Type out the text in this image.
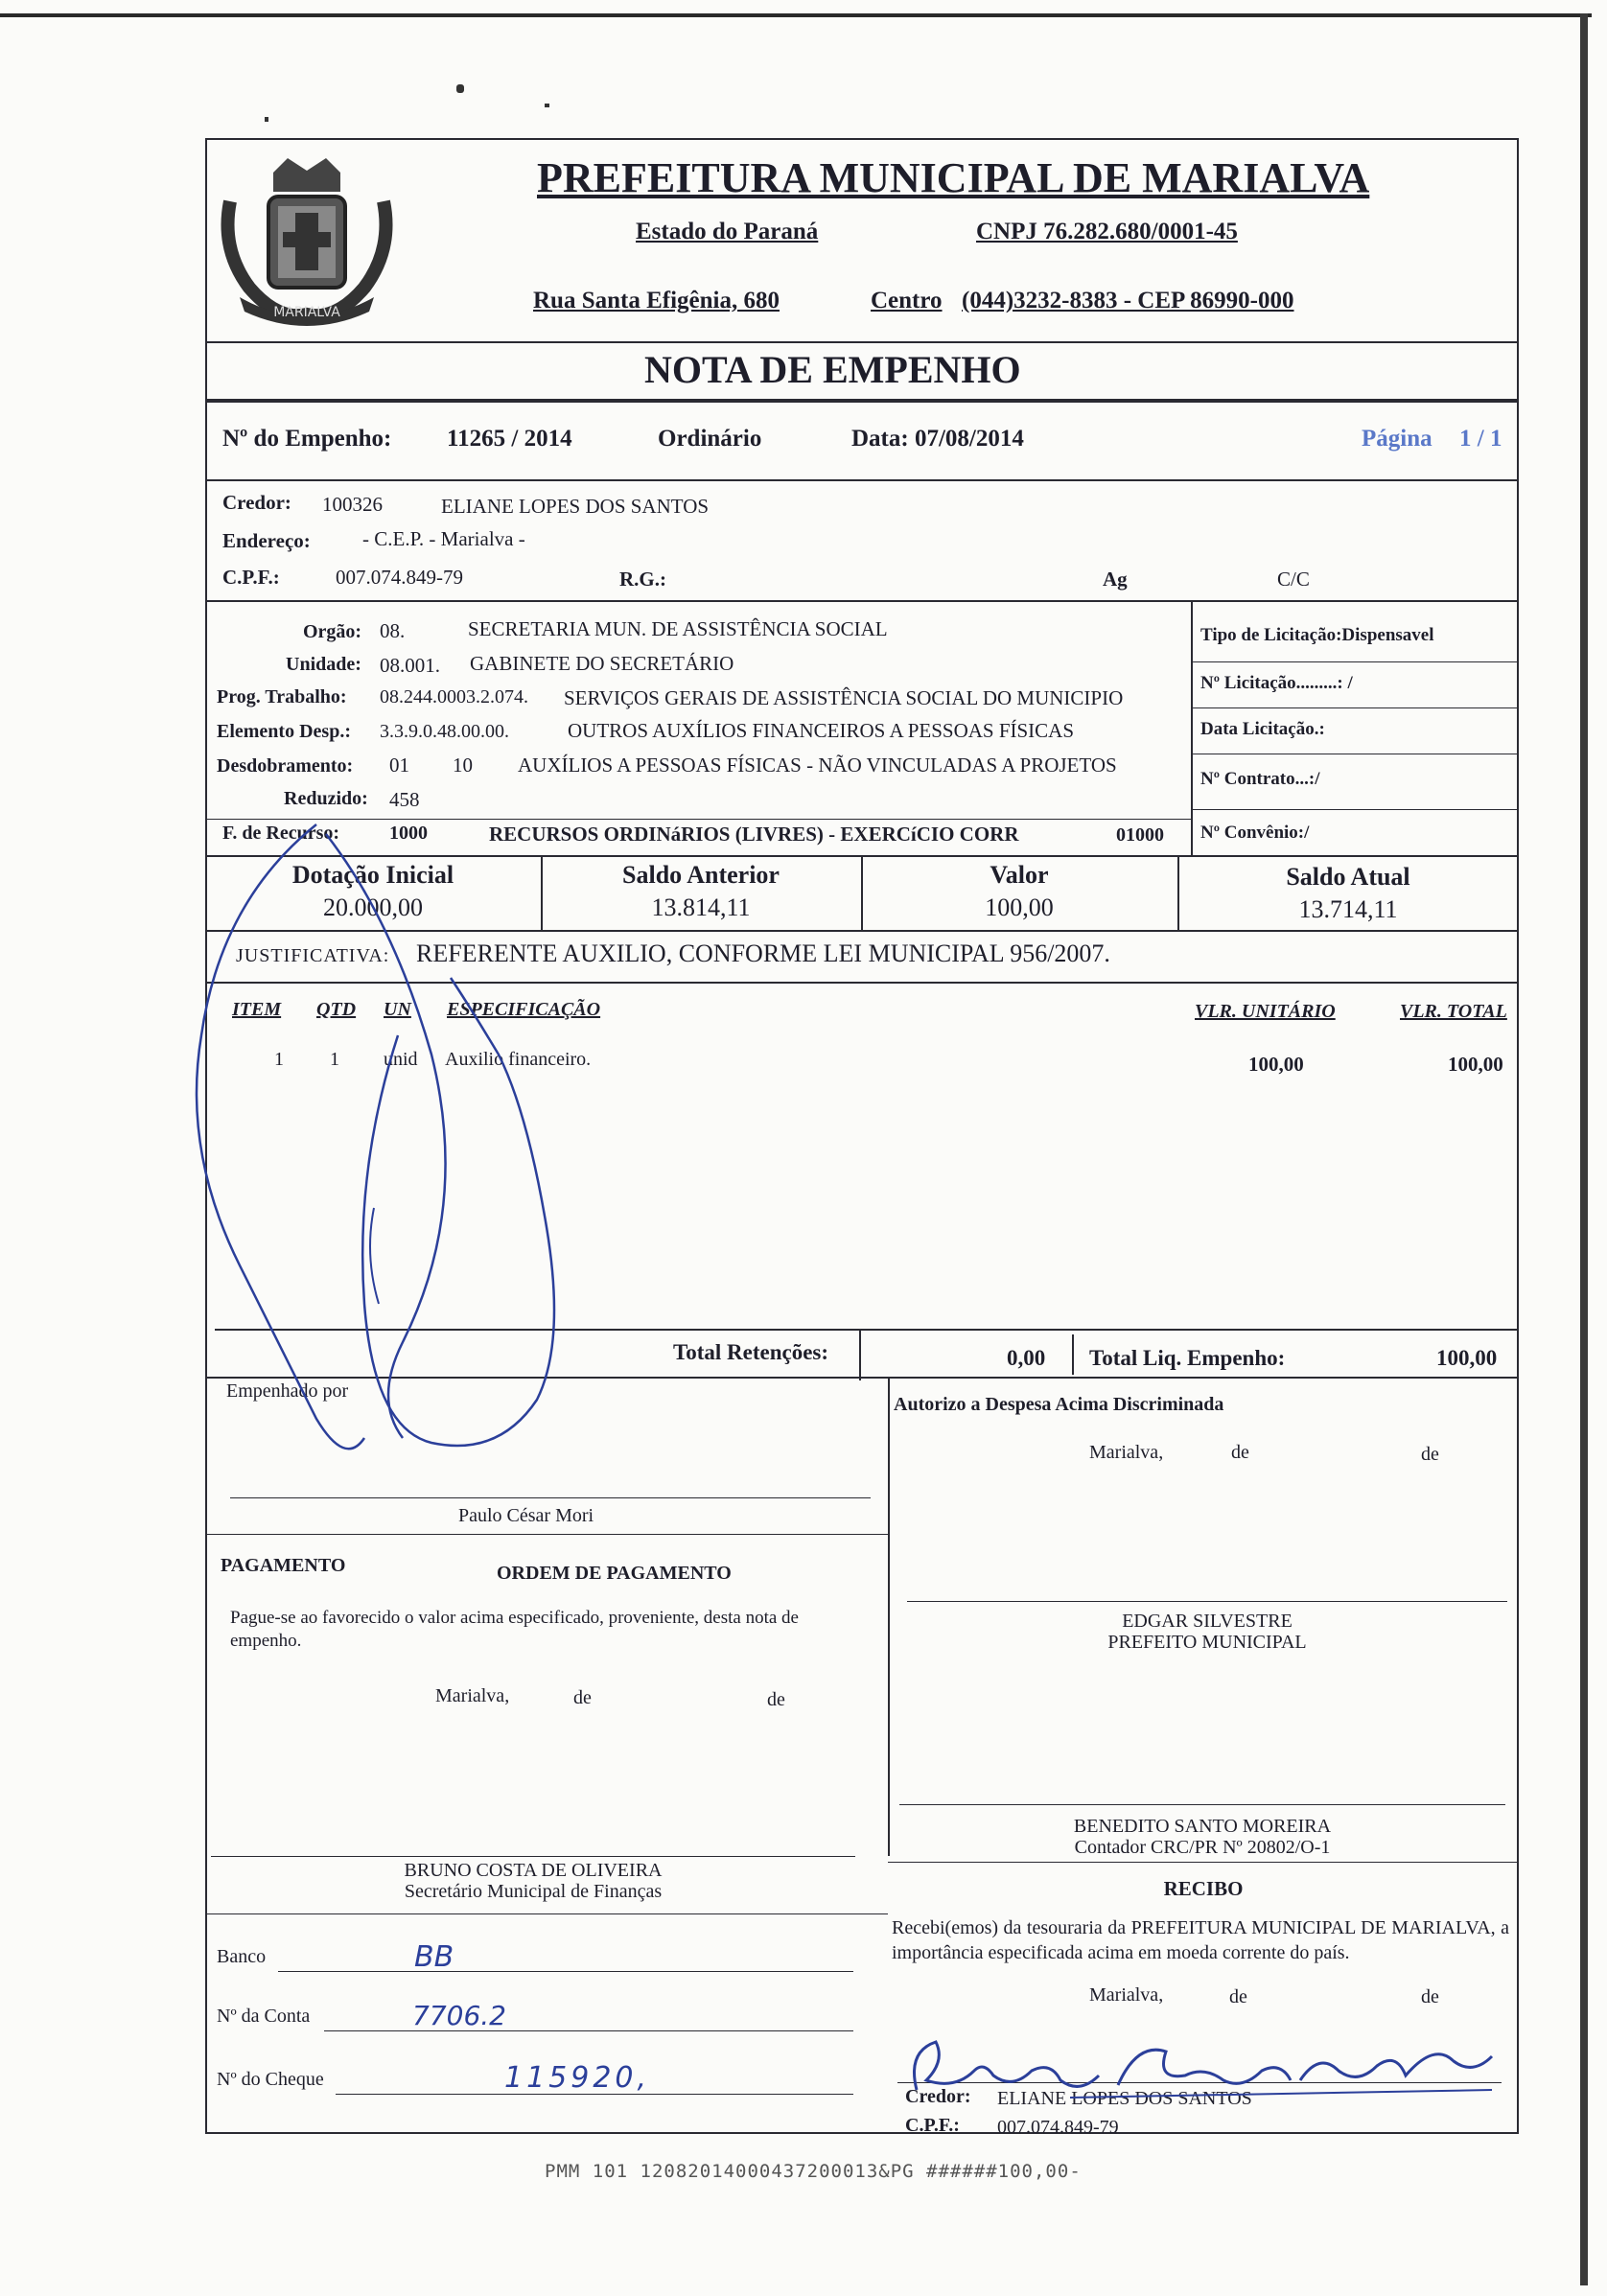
MARIALVA
PREFEITURA MUNICIPAL DE MARIALVA
Estado do Paraná	CNPJ 76.282.680/0001-45
Rua Santa Efigênia, 680	Centro (044)3232-8383 - CEP 86990-000
NOTA DE EMPENHO
Nº do Empenho: 11265 / 2014	Ordinário	Data: 07/08/2014	Página 1 / 1
Credor: 100326	ELIANE LOPES DOS SANTOS
Endereço:	- C.E.P. - Marialva -
C.P.F.:	007.074.849-79	R.G.:	Ag	C/C
Orgão: 08.	SECRETARIA MUN. DE ASSISTÊNCIA SOCIAL
Unidade: 08.001. GABINETE DO SECRETÁRIO
Prog. Trabalho: 08.244.0003.2.074. SERVIÇOS GERAIS DE ASSISTÊNCIA SOCIAL DO MUNICIPIO
Elemento Desp.: 3.3.9.0.48.00.00.	OUTROS AUXÍLIOS FINANCEIROS A PESSOAS FÍSICAS
Desdobramento: 01 10 AUXÍLIOS A PESSOAS FÍSICAS - NÃO VINCULADAS A PROJETOS
Reduzido: 458
F. de Recurso:	1000	RECURSOS ORDINáRIOS (LIVRES) - EXERCíCIO CORR	01000
Tipo de Licitação:Dispensavel
Nº Licitação.........: /
Data Licitação.:
Nº Contrato...:/
Nº Convênio:/
Dotação Inicial
20.000,00
Saldo Anterior
13.814,11
Valor
100,00
Saldo Atual
13.714,11
JUSTIFICATIVA: REFERENTE AUXILIO, CONFORME LEI MUNICIPAL 956/2007.
ITEM QTD UN ESPECIFICAÇÃO	VLR. UNITÁRIO	VLR. TOTAL
1 1 unid Auxilio financeiro.	100,00	100,00
Total Retenções:	0,00 Total Liq. Empenho:	100,00
Empenhado por
Paulo César Mori
Autorizo a Despesa Acima Discriminada
Marialva,	de	de
PAGAMENTO	ORDEM DE PAGAMENTO
Pague-se ao favorecido o valor acima especificado, proveniente, desta nota de empenho.
Marialva,	de	de
EDGAR SILVESTRE
PREFEITO MUNICIPAL
BENEDITO SANTO MOREIRA
Contador CRC/PR Nº 20802/O-1
BRUNO COSTA DE OLIVEIRA
Secretário Municipal de Finanças
Banco	BB
Nº da Conta	7706.2
Nº do Cheque	115920,
RECIBO
Recebi(emos) da tesouraria da PREFEITURA MUNICIPAL DE MARIALVA, a importância especificada acima em moeda corrente do país.
Marialva,	de	de
Credor: ELIANE LOPES DOS SANTOS
C.P.F.: 007.074.849-79
PMM 101 12082014000437200013&PG ######100,00-
